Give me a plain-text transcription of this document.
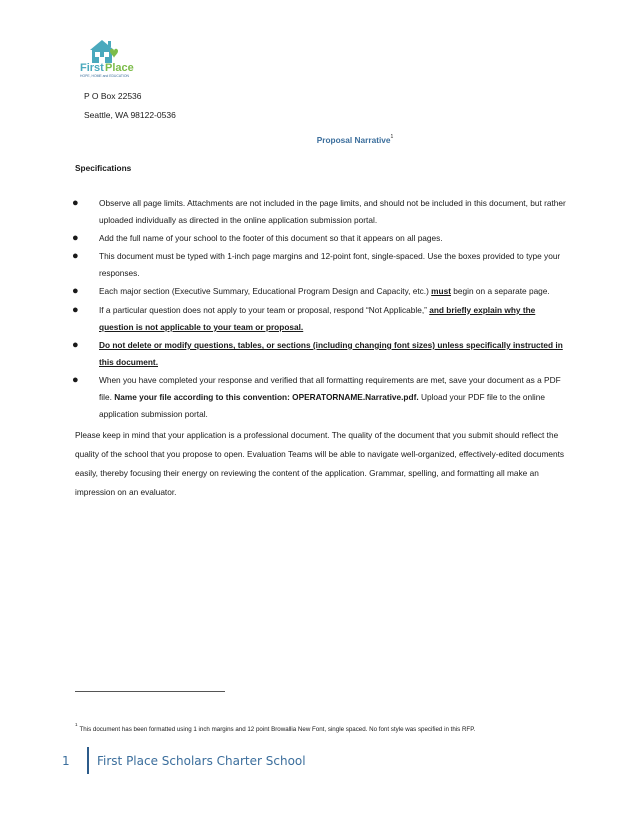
First Place
HOPE, HOME and EDUCATION
P O Box 22536
Seattle, WA 98122-0536
Proposal Narrative$^1$
Specifications
● Observe all page limits. Attachments are not included in the page limits, and should not be included in this document, but rather uploaded individually as directed in the online application submission portal.
● Add the full name of your school to the footer of this document so that it appears on all pages.
● This document must be typed with 1-inch page margins and 12-point font, single-spaced. Use the boxes provided to type your responses.
● Each major section (Executive Summary, Educational Program Design and Capacity, etc.) must begin on a separate page.
● If a particular question does not apply to your team or proposal, respond “Not Applicable,” and briefly explain why the question is not applicable to your team or proposal.
● Do not delete or modify questions, tables, or sections (including changing font sizes) unless specifically instructed in this document.
● When you have completed your response and verified that all formatting requirements are met, save your document as a PDF file. Name your file according to this convention: OPERATORNAME.Narrative.pdf. Upload your PDF file to the online application submission portal.

Please keep in mind that your application is a professional document. The quality of the document that you submit should reflect the quality of the school that you propose to open. Evaluation Teams will be able to navigate well-organized, effectively-edited documents easily, thereby focusing their energy on reviewing the content of the application. Grammar, spelling, and formatting all make an impression on an evaluator.

$^1$This document has been formatted using 1 inch margins and 12 point Browallia New Font, single spaced. No font style was specified in this RFP.
1 First Place Scholars Charter School
